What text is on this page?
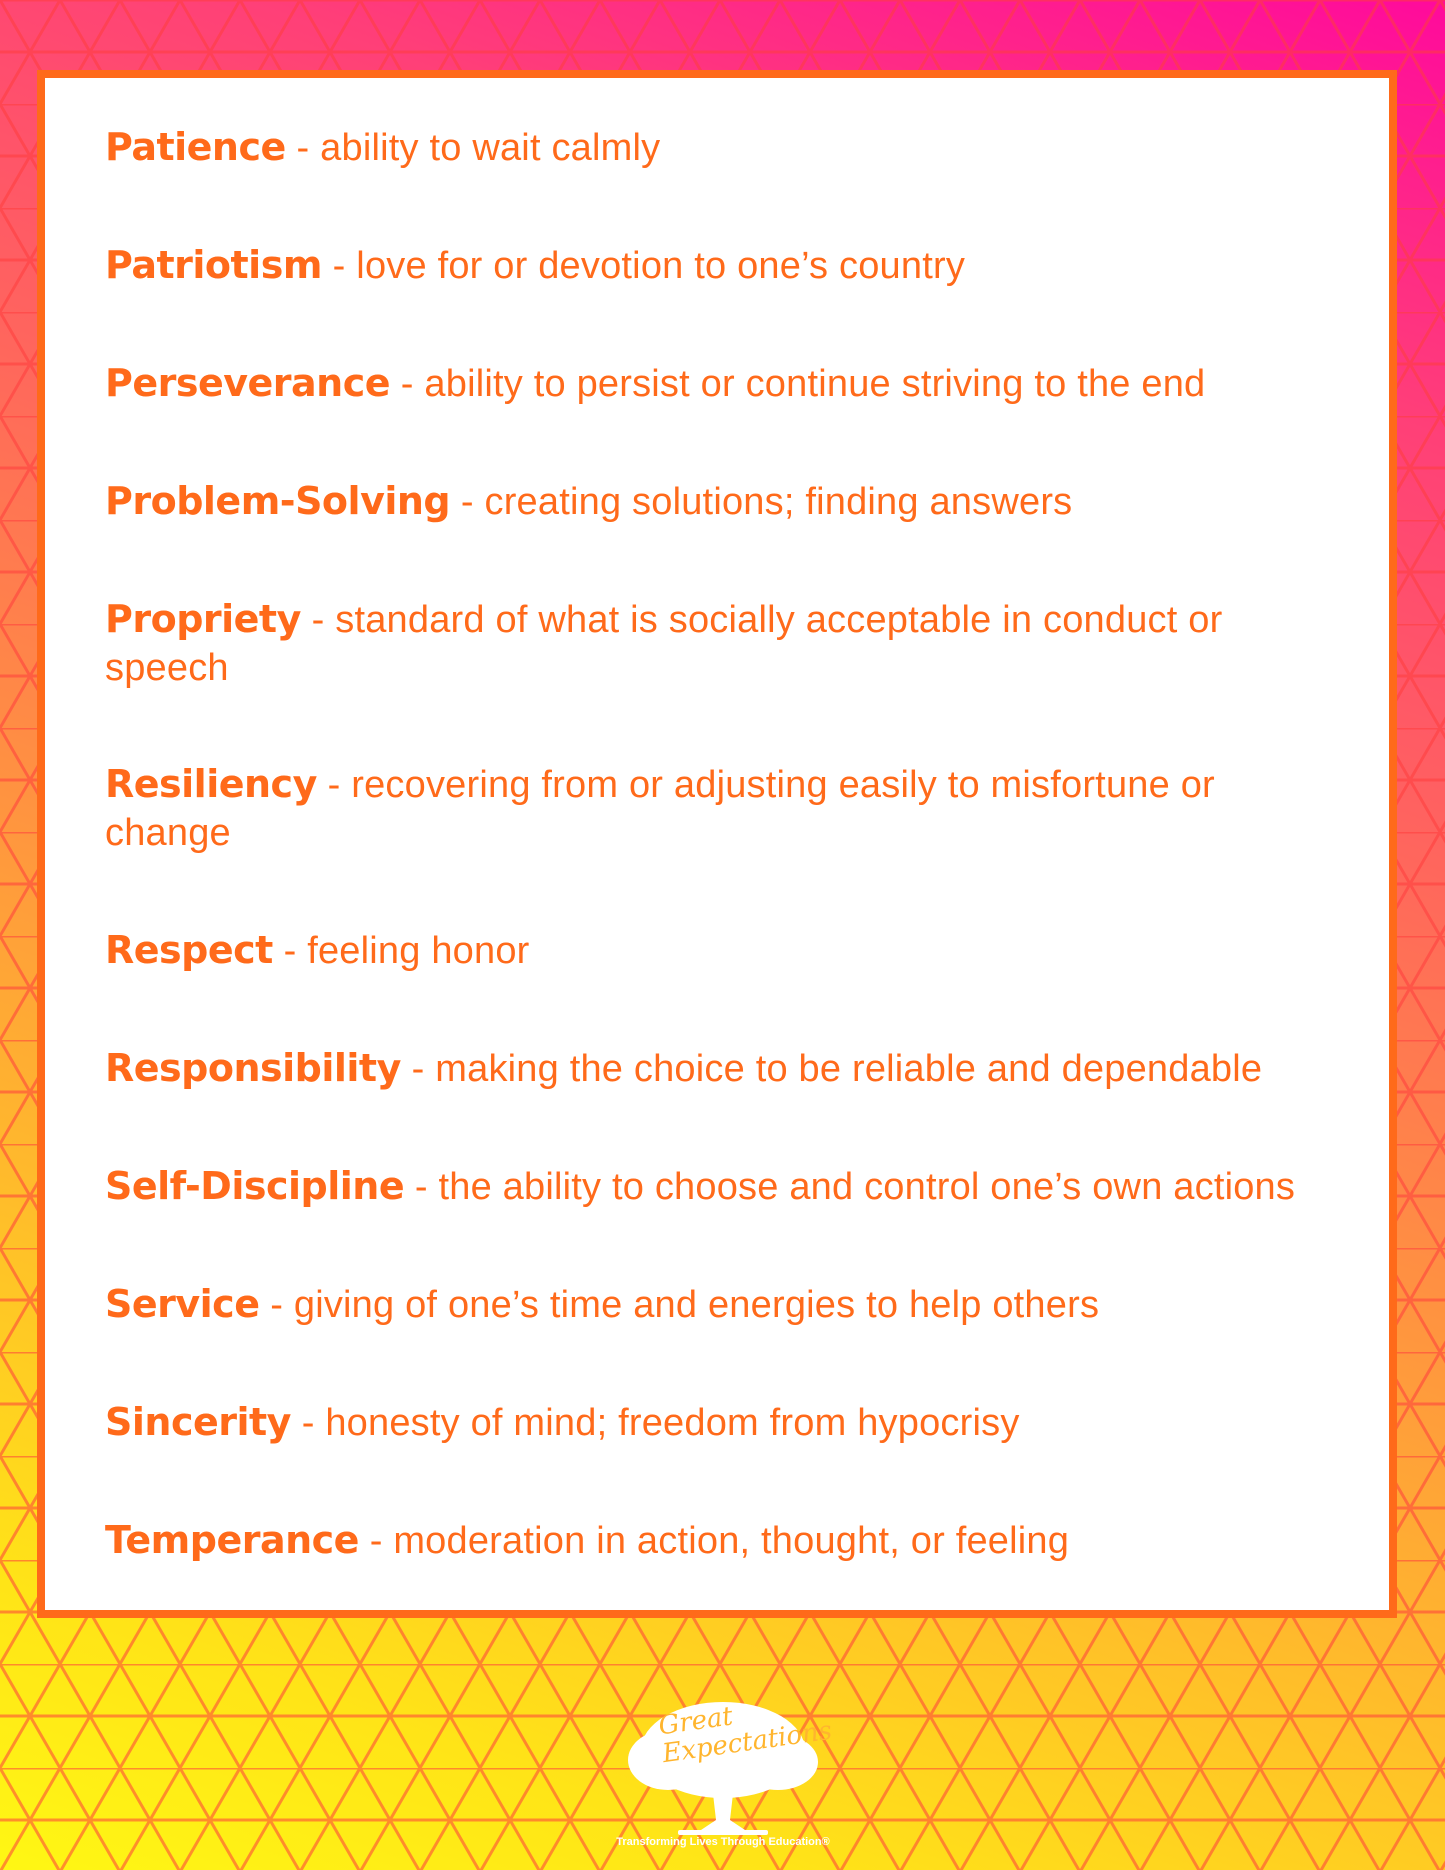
Patience - ability to wait calmly
Patriotism - love for or devotion to one’s country
Perseverance - ability to persist or continue striving to the end
Problem-Solving - creating solutions; finding answers
Propriety - standard of what is socially acceptable in conduct or speech
Resiliency - recovering from or adjusting easily to misfortune or change
Respect - feeling honor
Responsibility - making the choice to be reliable and dependable
Self-Discipline - the ability to choose and control one’s own actions
Service - giving of one’s time and energies to help others
Sincerity - honesty of mind; freedom from hypocrisy
Temperance - moderation in action, thought, or feeling
Great Expectations
Transforming Lives Through Education®
